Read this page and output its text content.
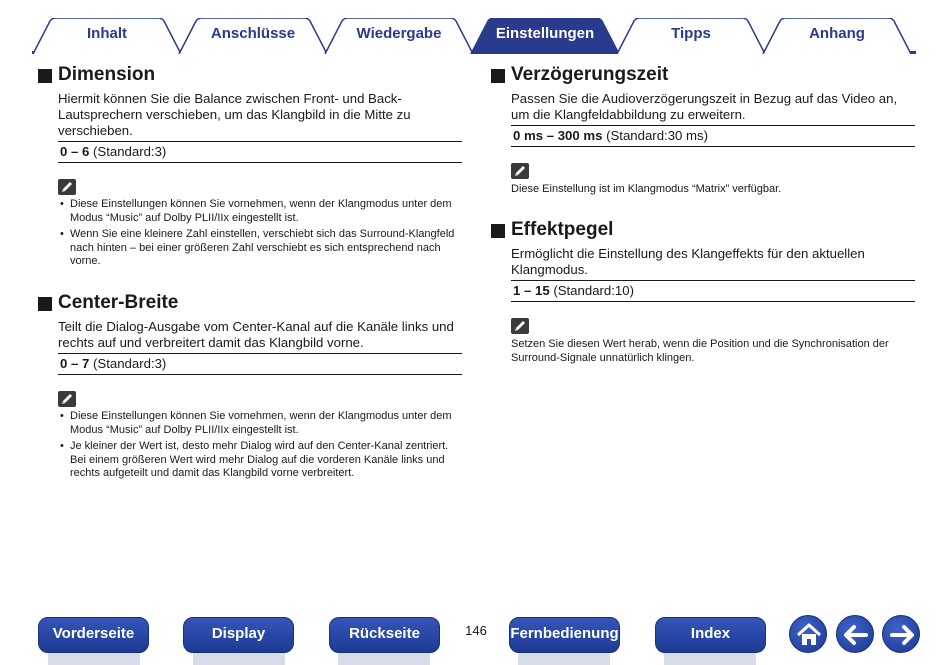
Inhalt	Anschlüsse	Wiedergabe	Einstellungen	Tipps	Anhang
Dimension

Hiermit können Sie die Balance zwischen Front- und Back-Lautsprechern verschieben, um das Klangbild in die Mitte zu verschieben.

0 – 6 (Standard:3)
• Diese Einstellungen können Sie vornehmen, wenn der Klangmodus unter dem Modus “Music” auf Dolby PLII/IIx eingestellt ist.
• Wenn Sie eine kleinere Zahl einstellen, verschiebt sich das Surround-Klangfeld nach hinten – bei einer größeren Zahl verschiebt es sich entsprechend nach vorne.
Center-Breite

Teilt die Dialog-Ausgabe vom Center-Kanal auf die Kanäle links und rechts auf und verbreitert damit das Klangbild vorne.

0 – 7 (Standard:3)
• Diese Einstellungen können Sie vornehmen, wenn der Klangmodus unter dem Modus “Music” auf Dolby PLII/IIx eingestellt ist.
• Je kleiner der Wert ist, desto mehr Dialog wird auf den Center-Kanal zentriert. Bei einem größeren Wert wird mehr Dialog auf die vorderen Kanäle links und rechts aufgeteilt und damit das Klangbild vorne verbreitert.
Verzögerungszeit

Passen Sie die Audioverzögerungszeit in Bezug auf das Video an, um die Klangfeldabbildung zu erweitern.

0 ms – 300 ms (Standard:30 ms)

Diese Einstellung ist im Klangmodus “Matrix” verfügbar.

Effektpegel

Ermöglicht die Einstellung des Klangeffekts für den aktuellen Klangmodus.

1 – 15 (Standard:10)

Setzen Sie diesen Wert herab, wenn die Position und die Synchronisation der Surround-Signale unnatürlich klingen.

Vorderseite	Display	Rückseite	146 Fernbedienung	Index
